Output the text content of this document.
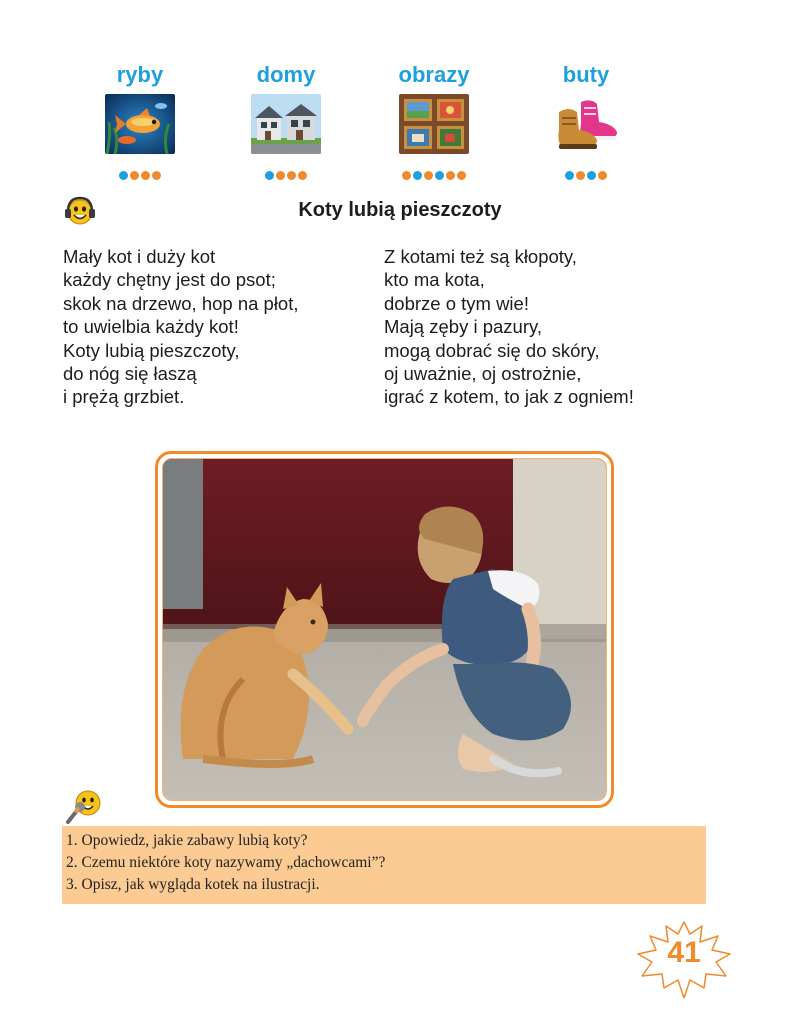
ryby	domy	obrazy	buty
Koty lubią pieszczoty
Mały kot i duży kot
każdy chętny jest do psot;
skok na drzewo, hop na płot,
to uwielbia każdy kot!
Koty lubią pieszczoty,
do nóg się łaszą
i prężą grzbiet.
Z kotami też są kłopoty,
kto ma kota,
dobrze o tym wie!
Mają zęby i pazury,
mogą dobrać się do skóry,
oj uważnie, oj ostrożnie,
igrać z kotem, to jak z ogniem!
1. Opowiedz, jakie zabawy lubią koty?
2. Czemu niektóre koty nazywamy „dachowcami”?
3. Opisz, jak wygląda kotek na ilustracji.
41
